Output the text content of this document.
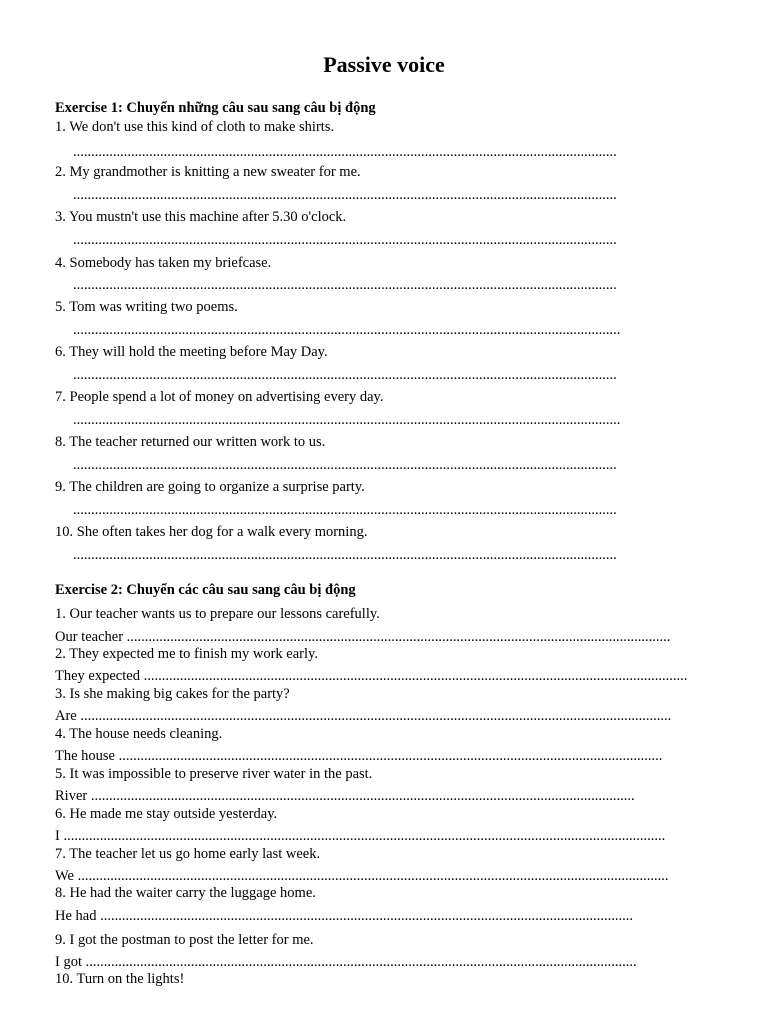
Passive voice
Exercise 1: Chuyển những câu sau sang câu bị động
1. We don't use this kind of cloth to make shirts.
......................................................................................................................................................
2. My grandmother is knitting a new sweater for me.
......................................................................................................................................................
3. You mustn't use this machine after 5.30 o'clock.
......................................................................................................................................................
4. Somebody has taken my briefcase.
......................................................................................................................................................
5. Tom was writing two poems.
.......................................................................................................................................................
6. They will hold the meeting before May Day.
......................................................................................................................................................
7. People spend a lot of money on advertising every day.
.......................................................................................................................................................
8. The teacher returned our written work to us.
......................................................................................................................................................
9. The children are going to organize a surprise party.
......................................................................................................................................................
10. She often takes her dog for a walk every morning.
......................................................................................................................................................
Exercise 2: Chuyển các câu sau sang câu bị động
1. Our teacher wants us to prepare our lessons carefully.
Our teacher ......................................................................................................................................................
2. They expected me to finish my work early.
They expected ......................................................................................................................................................
3. Is she making big cakes for the party?
Are ...................................................................................................................................................................
4. The house needs cleaning.
The house ......................................................................................................................................................
5. It was impossible to preserve river water in the past.
River ......................................................................................................................................................
6. He made me stay outside yesterday.
I ......................................................................................................................................................................
7. The teacher let us go home early last week.
We ...................................................................................................................................................................
8. He had the waiter carry the luggage home.
He had ...................................................................................................................................................
9. I got the postman to post the letter for me.
I got ........................................................................................................................................................
10. Turn on the lights!
